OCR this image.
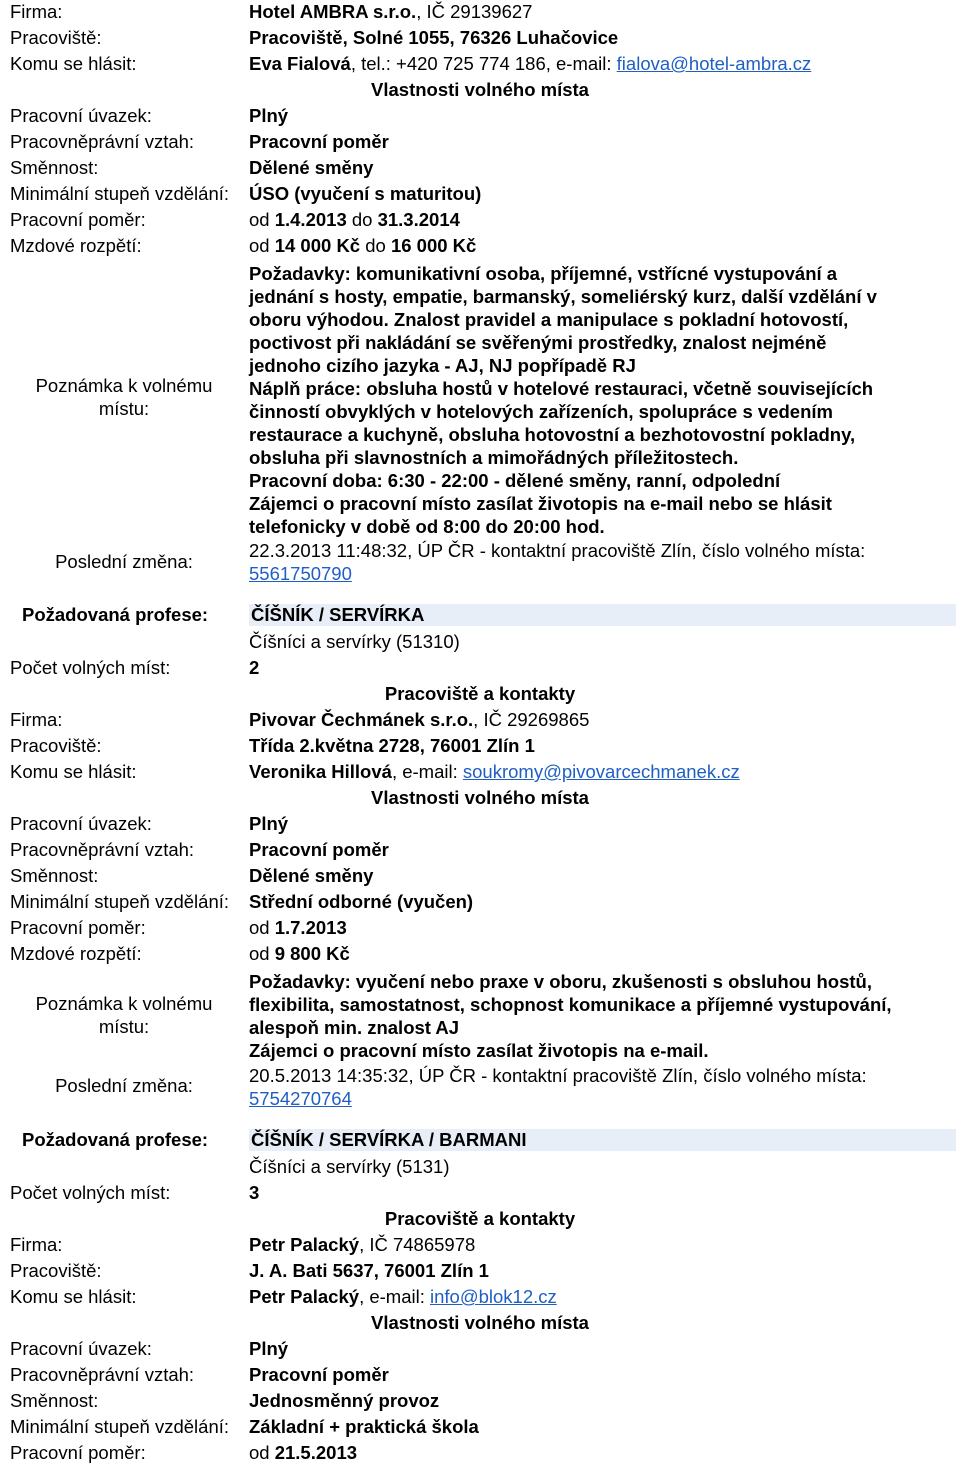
Firma:	Hotel AMBRA s.r.o., IČ 29139627
Pracoviště:	Pracoviště, Solné 1055, 76326 Luhačovice
Komu se hlásit:	Eva Fialová, tel.: +420 725 774 186, e-mail: fialova@hotel-ambra.cz
Vlastnosti volného místa
Pracovní úvazek:	Plný
Pracovněprávní vztah:	Pracovní poměr
Směnnost:	Dělené směny
Minimální stupeň vzdělání: ÚSO (vyučení s maturitou)
Pracovní poměr:	od 1.4.2013 do 31.3.2014
Mzdové rozpětí:	od 14 000 Kč do 16 000 Kč
Poznámka k volnému místu:
Požadavky: komunikativní osoba, příjemné, vstřícné vystupování a
jednání s hosty, empatie, barmanský, someliérský kurz, další vzdělání v
oboru výhodou. Znalost pravidel a manipulace s pokladní hotovostí,
poctivost při nakládání se svěřenými prostředky, znalost nejméně
jednoho cizího jazyka - AJ, NJ popřípadě RJ
Náplň práce: obsluha hostů v hotelové restauraci, včetně souvisejících
činností obvyklých v hotelových zařízeních, spolupráce s vedením
restaurace a kuchyně, obsluha hotovostní a bezhotovostní pokladny,
obsluha při slavnostních a mimořádných příležitostech.
Pracovní doba: 6:30 - 22:00 - dělené směny, ranní, odpolední
Zájemci o pracovní místo zasílat životopis na e-mail nebo se hlásit
telefonicky v době od 8:00 do 20:00 hod.
Poslední změna:
22.3.2013 11:48:32, ÚP ČR - kontaktní pracoviště Zlín, číslo volného místa:
5561750790
Požadovaná profese: ČÍŠNÍK / SERVÍRKA
Číšníci a servírky (51310)
Počet volných míst:	2
Pracoviště a kontakty
Firma:	Pivovar Čechmánek s.r.o., IČ 29269865
Pracoviště:	Třída 2.května 2728, 76001 Zlín 1
Komu se hlásit:	Veronika Hillová, e-mail: soukromy@pivovarcechmanek.cz
Vlastnosti volného místa
Pracovní úvazek:	Plný
Pracovněprávní vztah:	Pracovní poměr
Směnnost:	Dělené směny
Minimální stupeň vzdělání: Střední odborné (vyučen)
Pracovní poměr:	od 1.7.2013
Mzdové rozpětí:	od 9 800 Kč
Poznámka k volnému místu:
Požadavky: vyučení nebo praxe v oboru, zkušenosti s obsluhou hostů,
flexibilita, samostatnost, schopnost komunikace a příjemné vystupování,
alespoň min. znalost AJ
Zájemci o pracovní místo zasílat životopis na e-mail.
Poslední změna:	20.5.2013 14:35:32, ÚP ČR - kontaktní pracoviště Zlín, číslo volného místa:
5754270764
Požadovaná profese: ČÍŠNÍK / SERVÍRKA / BARMANI
Číšníci a servírky (5131)
Počet volných míst:	3
Pracoviště a kontakty
Firma:	Petr Palacký, IČ 74865978
Pracoviště:	J. A. Bati 5637, 76001 Zlín 1
Komu se hlásit:	Petr Palacký, e-mail: info@blok12.cz
Vlastnosti volného místa
Pracovní úvazek:	Plný
Pracovněprávní vztah:	Pracovní poměr
Směnnost:	Jednosměnný provoz
Minimální stupeň vzdělání: Základní + praktická škola
Pracovní poměr:	od 21.5.2013
